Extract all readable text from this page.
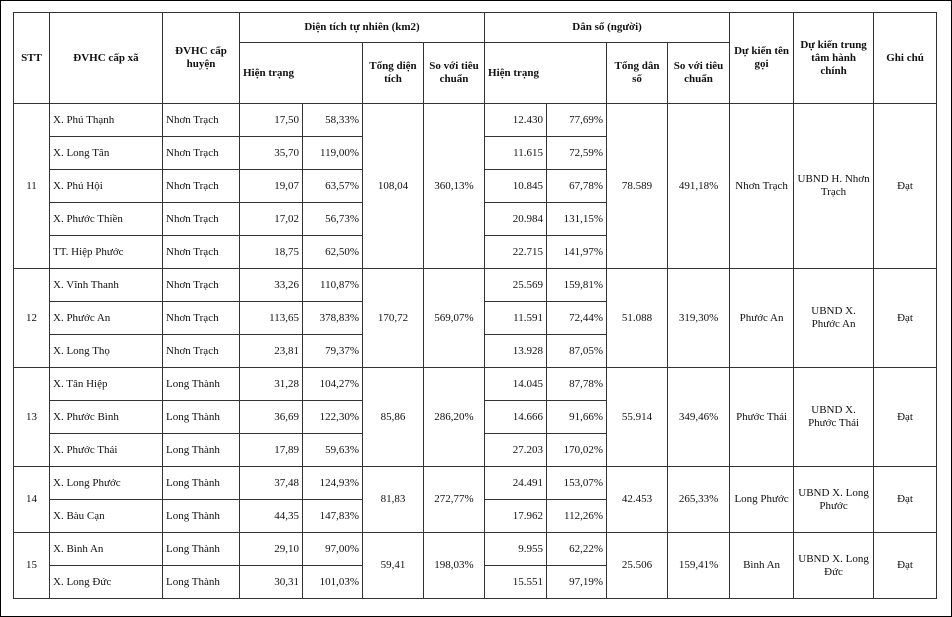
STT	ĐVHC cấp xã	ĐVHC cấp huyện	Diện tích tự nhiên (km2)				Dân số (người)				Dự kiến tên gọi	Dự kiến trung tâm hành chính	Ghi chú
			Hiện trạng		Tổng diện tích	So với tiêu chuẩn	Hiện trạng		Tổng dân số	So với tiêu chuẩn			
11	X. Phú Thạnh	Nhơn Trạch	17,50	58,33%	108,04	360,13%	12.430	77,69%	78.589	491,18%	Nhơn Trạch	UBND H. Nhơn Trạch	Đạt
	X. Long Tân	Nhơn Trạch	35,70	119,00%			11.615	72,59%					
	X. Phú Hội	Nhơn Trạch	19,07	63,57%			10.845	67,78%					
	X. Phước Thiền	Nhơn Trạch	17,02	56,73%			20.984	131,15%					
	TT. Hiệp Phước	Nhơn Trạch	18,75	62,50%			22.715	141,97%					
12	X. Vĩnh Thanh	Nhơn Trạch	33,26	110,87%	170,72	569,07%	25.569	159,81%	51.088	319,30%	Phước An	UBND X. Phước An	Đạt
	X. Phước An	Nhơn Trạch	113,65	378,83%			11.591	72,44%					
	X. Long Thọ	Nhơn Trạch	23,81	79,37%			13.928	87,05%					
13	X. Tân Hiệp	Long Thành	31,28	104,27%	85,86	286,20%	14.045	87,78%	55.914	349,46%	Phước Thái	UBND X. Phước Thái	Đạt
	X. Phước Bình	Long Thành	36,69	122,30%			14.666	91,66%					
	X. Phước Thái	Long Thành	17,89	59,63%			27.203	170,02%					
14	X. Long Phước	Long Thành	37,48	124,93%	81,83	272,77%	24.491	153,07%	42.453	265,33%	Long Phước	UBND X. Long Phước	Đạt
	X. Bàu Cạn	Long Thành	44,35	147,83%			17.962	112,26%					
15	X. Bình An	Long Thành	29,10	97,00%	59,41	198,03%	9.955	62,22%	25.506	159,41%	Bình An	UBND X. Long Đức	Đạt
	X. Long Đức	Long Thành	30,31	101,03%			15.551	97,19%					
